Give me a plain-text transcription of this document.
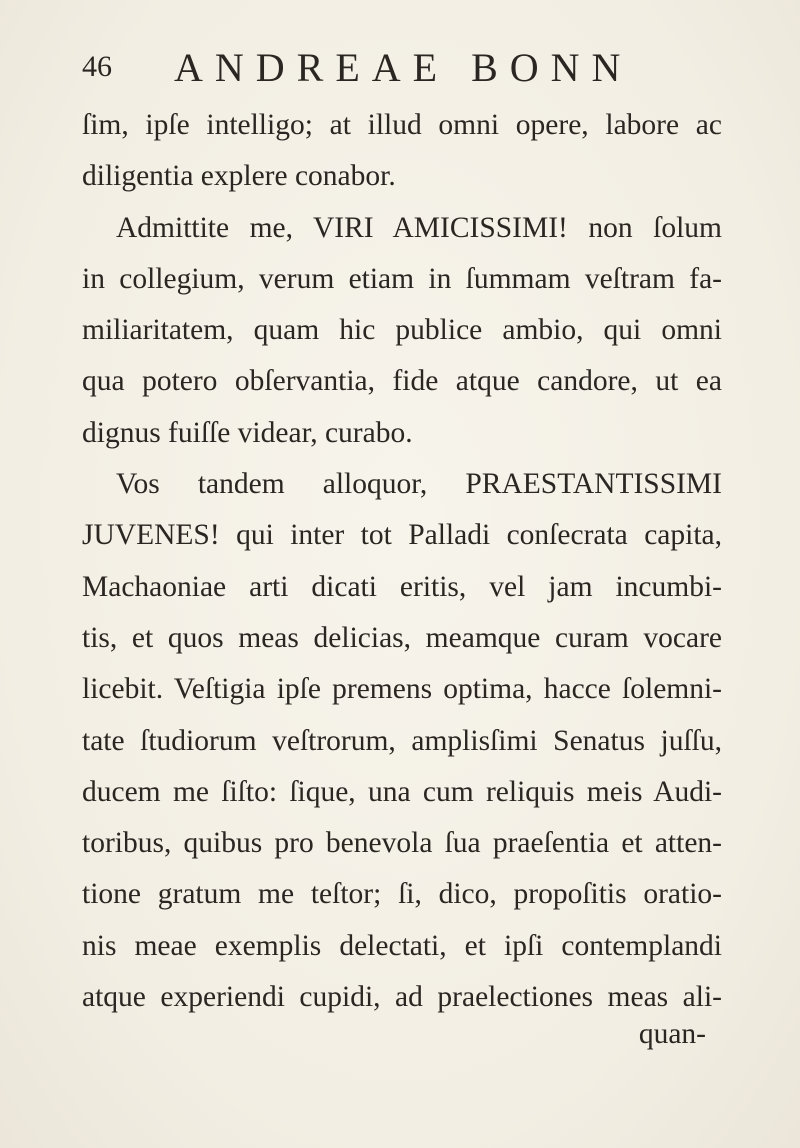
46 ANDREAE BONN
ſim, ipſe intelligo; at illud omni opere, labore ac
diligentia explere conabor.
Admittite me, VIRI AMICISSIMI! non ſolum
in collegium, verum etiam in ſummam veſtram fa-
miliaritatem, quam hic publice ambio, qui omni
qua potero obſervantia, fide atque candore, ut ea
dignus fuiſſe videar, curabo.
Vos tandem alloquor, PRAESTANTISSIMI
JUVENES! qui inter tot Palladi conſecrata capita,
Machaoniae arti dicati eritis, vel jam incumbi-
tis, et quos meas delicias, meamque curam vocare
licebit. Veſtigia ipſe premens optima, hacce ſolemni-
tate ſtudiorum veſtrorum, amplisſimi Senatus juſſu,
ducem me ſiſto: ſique, una cum reliquis meis Audi-
toribus, quibus pro benevola ſua praeſentia et atten-
tione gratum me teſtor; ſi, dico, propoſitis oratio-
nis meae exemplis delectati, et ipſi contemplandi
atque experiendi cupidi, ad praelectiones meas ali-
quan-
